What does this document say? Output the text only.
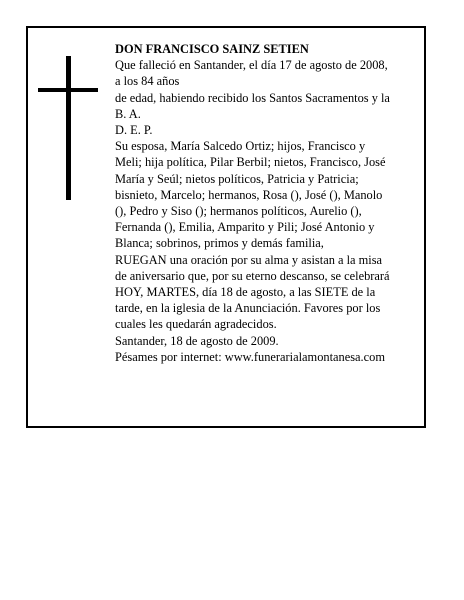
DON FRANCISCO SAINZ SETIEN
Que falleció en Santander, el día 17 de agosto de 2008,
a los 84 años
de edad, habiendo recibido los Santos Sacramentos y la
B. A.
D. E. P.
Su esposa, María Salcedo Ortiz; hijos, Francisco y
Meli; hija política, Pilar Berbil; nietos, Francisco, José
María y Seúl; nietos políticos, Patricia y Patricia;
bisnieto, Marcelo; hermanos, Rosa (), José (), Manolo
(), Pedro y Siso (); hermanos políticos, Aurelio (),
Fernanda (), Emilia, Amparito y Pili; José Antonio y
Blanca; sobrinos, primos y demás familia,
RUEGAN una oración por su alma y asistan a la misa
de aniversario que, por su eterno descanso, se celebrará
HOY, MARTES, día 18 de agosto, a las SIETE de la
tarde, en la iglesia de la Anunciación. Favores por los
cuales les quedarán agradecidos.
Santander, 18 de agosto de 2009.
Pésames por internet: www.funerarialamontanesa.com
